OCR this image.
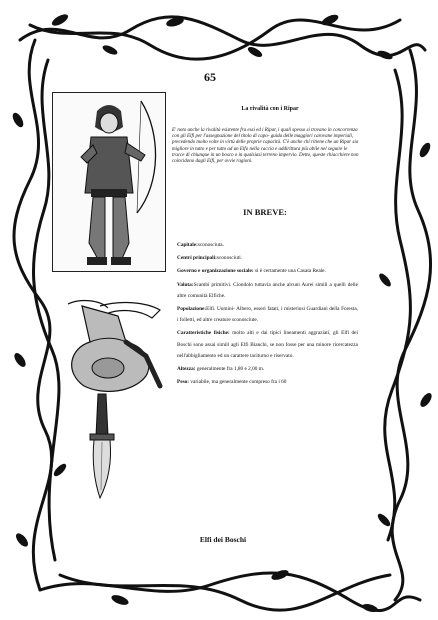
65
La rivalità con i Ripar

E' noto anche la rivalità esistente fra essi ed i Ripar, i quali spesso si trovano in concorrenza con gli Elfi per l'assegnazione del titolo di capo- guida delle maggiori carovane imperiali, precedendo molto volte in virtù delle proprie capacità. C'è anche chi ritiene che un Ripar sia migliore in tutto e per tutto ad un Elfo nella caccia e addirittura più abile nel seguire le tracce di chiunque in un bosco o in qualsiasi terreno impervio. Detto, queste chiacchiere non coincidono dagli Elfi, per ovvie ragioni.

IN BREVE:

Capitale:sconosciuta.

Centri principali:sconosciuti.

Governo e organizzazione sociale: si è certamente una Casata Reale.

Valuta:Scambi primitivi. Ciondolo tuttavia anche alcuni Aurei simili a quelli delle altre comunità Elfiche.

Popolazione:Elfi. Uomini- Albero, esseri fatati, i misteriosi Guardiani della Foresta, i folletti, ed altre creature sconosciute.

Caratteristiche fisiche: molto alti e dai tipici lineamenti aggraziati, gli Elfi dei Boschi sono assai simili agli Elfi Bianchi, se non fosse per una minore ricercatezza nell'abbigliamento ed un carattere taciturno e riservato.

Altezza: generalmente fra 1,80 e 2,00 m.

Peso: variabile, ma generalmente compreso fra i 60

Elfi dei Boschi
